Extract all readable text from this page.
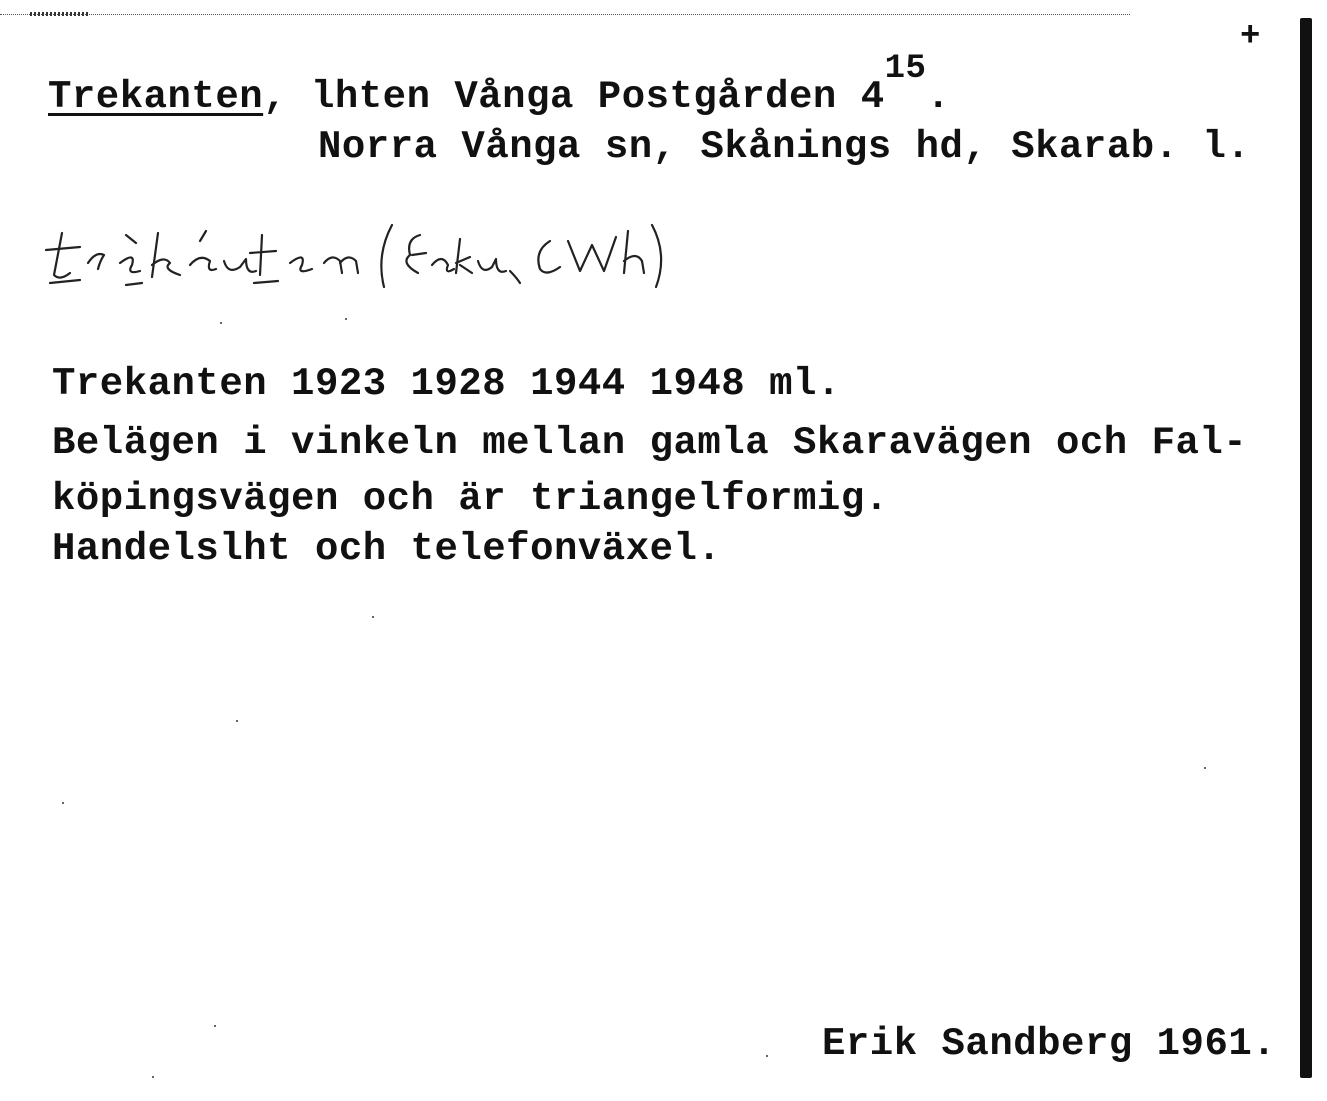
+
Trekanten, lhten Vånga Postgården 415.
Norra Vånga sn, Skånings hd, Skarab. l.
Trekanten 1923 1928 1944 1948 ml.
Belägen i vinkeln mellan gamla Skaravägen och Fal-
köpingsvägen och är triangelformig.
Handelslht och telefonväxel.
Erik Sandberg 1961.
